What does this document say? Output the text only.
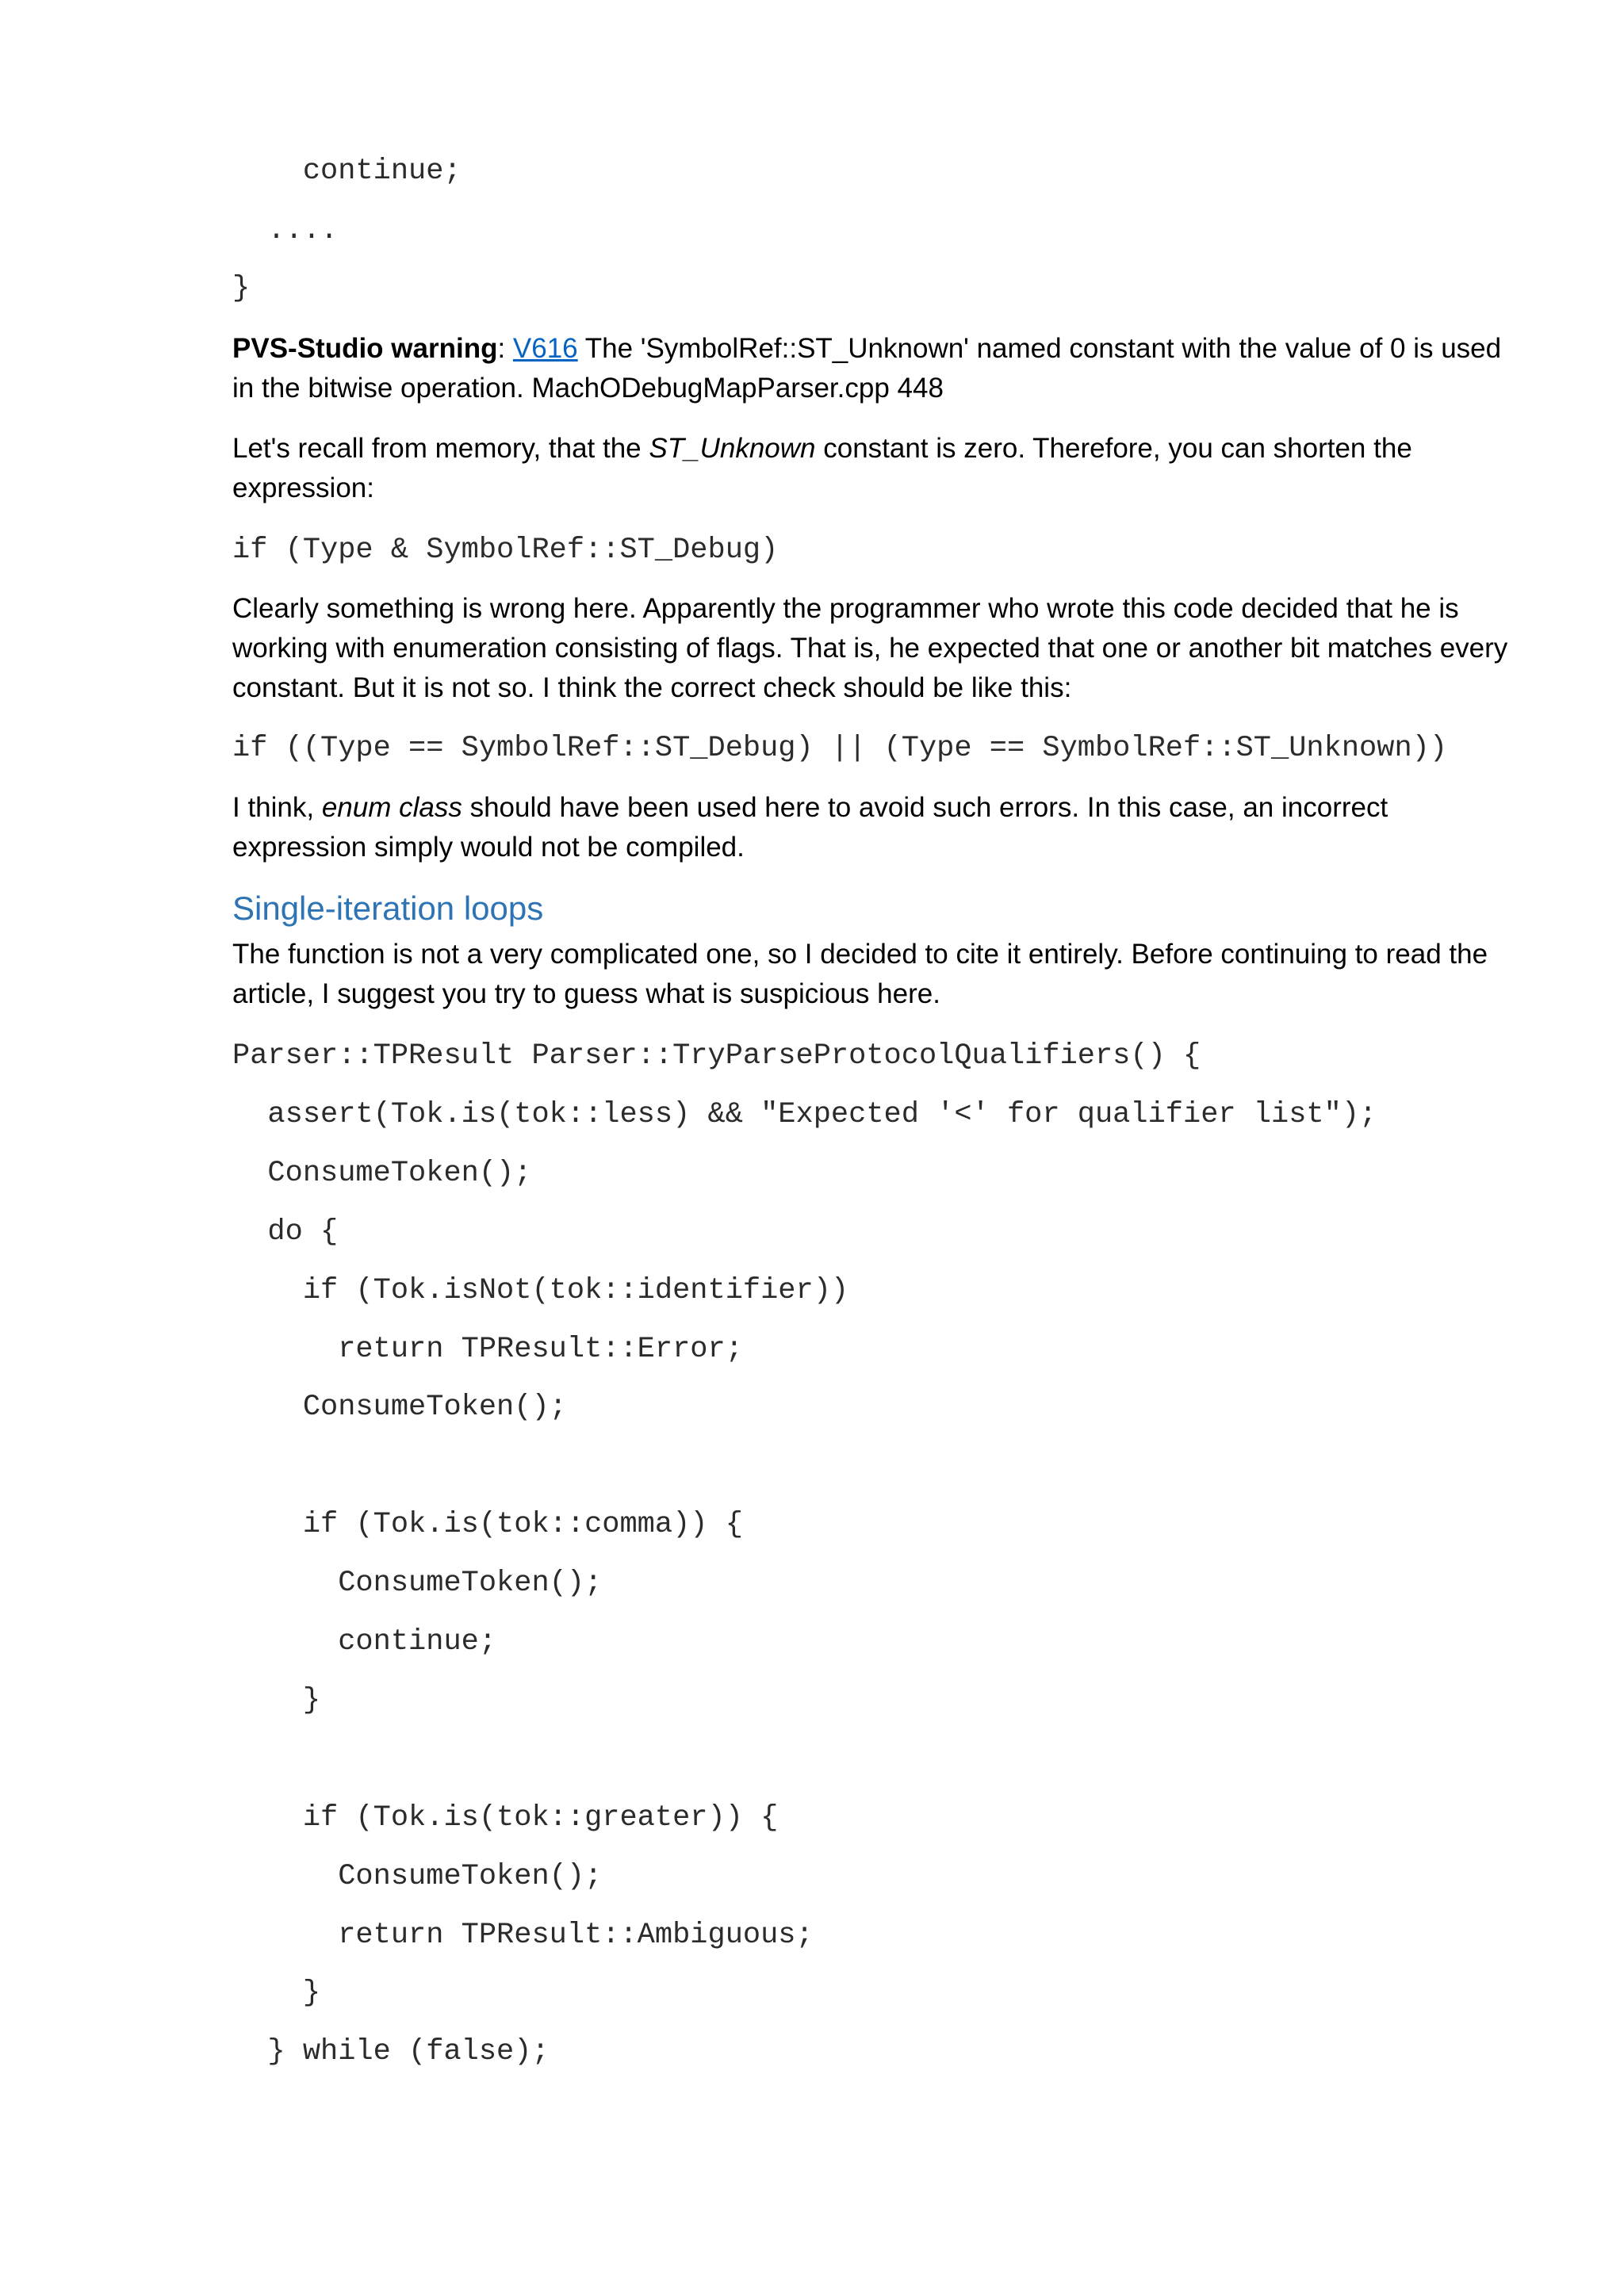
continue;
....
}
PVS-Studio warning: V616 The 'SymbolRef::ST_Unknown' named constant with the value of 0 is used in the bitwise operation. MachODebugMapParser.cpp 448
Let's recall from memory, that the ST_Unknown constant is zero. Therefore, you can shorten the expression:
if (Type & SymbolRef::ST_Debug)
Clearly something is wrong here. Apparently the programmer who wrote this code decided that he is working with enumeration consisting of flags. That is, he expected that one or another bit matches every constant. But it is not so. I think the correct check should be like this:
if ((Type == SymbolRef::ST_Debug) || (Type == SymbolRef::ST_Unknown))
I think, enum class should have been used here to avoid such errors. In this case, an incorrect expression simply would not be compiled.
Single-iteration loops
The function is not a very complicated one, so I decided to cite it entirely. Before continuing to read the article, I suggest you try to guess what is suspicious here.
Parser::TPResult Parser::TryParseProtocolQualifiers() {
assert(Tok.is(tok::less) && "Expected '<' for qualifier list");
ConsumeToken();
do {
if (Tok.isNot(tok::identifier))
return TPResult::Error;
ConsumeToken();
if (Tok.is(tok::comma)) {
ConsumeToken();
continue;
}
if (Tok.is(tok::greater)) {
ConsumeToken();
return TPResult::Ambiguous;
}
} while (false);
